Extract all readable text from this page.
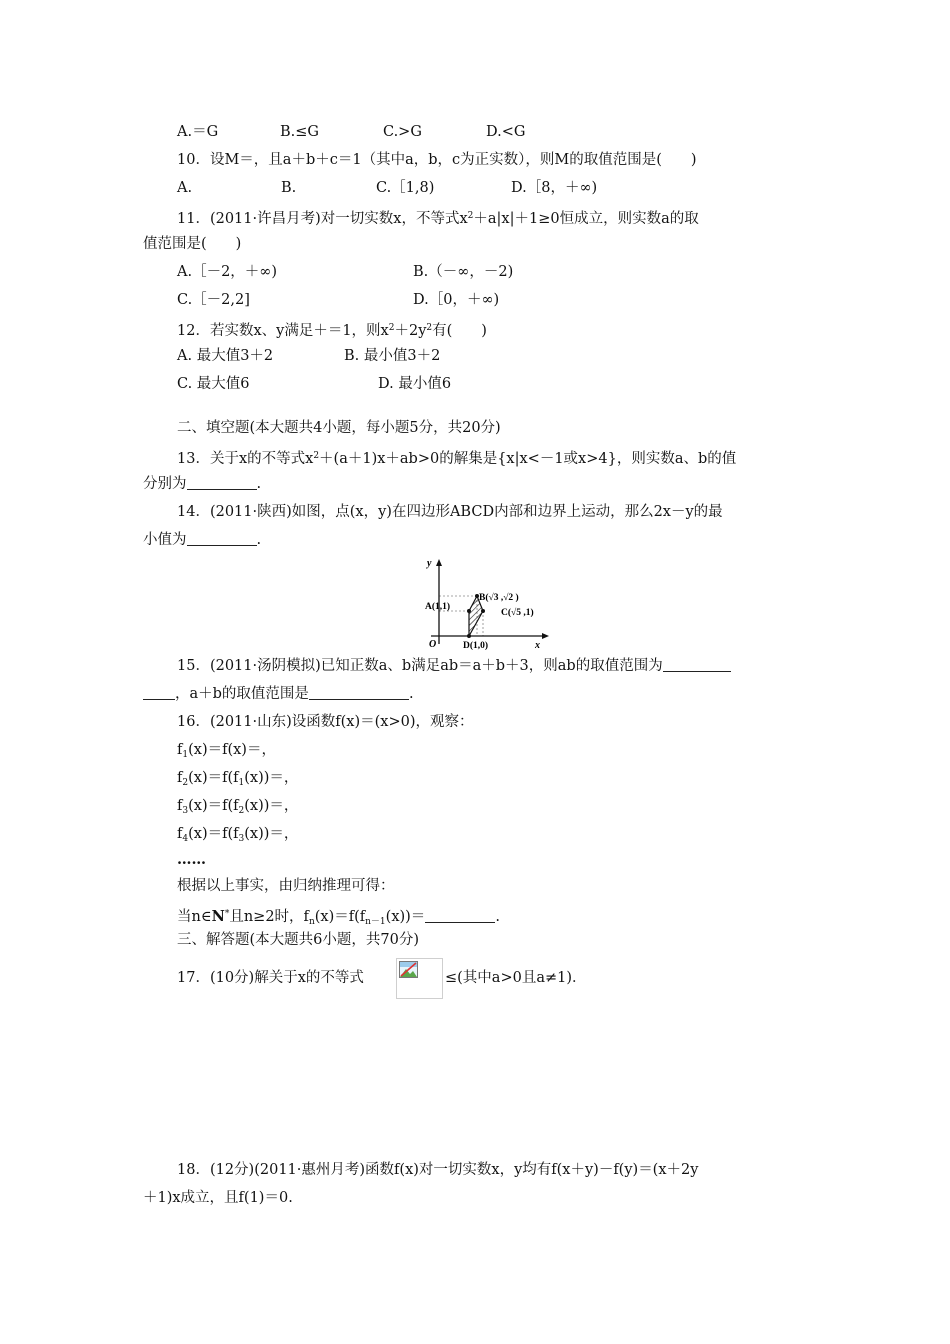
A.＝G	B.≤G	C.>G	D.<G
10．设M＝，且a＋b＋c＝1（其中a，b，c为正实数），则M的取值范围是(　　)
A.	B.	C.［1,8)	D.［8，＋∞)
11．(2011·许昌月考)对一切实数x，不等式$x^2+a|x|+1\ge 0$恒成立，则实数a的取
值范围是(　　)
A.［－2，＋∞)	B.（－∞，－2)
C.［－2,2]	D.［0，＋∞)
12．若实数x、y满足＋＝1，则$x^2+2y^2$有(　　)
A. 最大值3＋2	B. 最小值3＋2
C. 最大值6	D. 最小值6
二、填空题(本大题共4小题，每小题5分，共20分)
13．关于x的不等式$x^2+(a+1)x+ab>0$的解集是{x|x<－1或x>4}，则实数a、b的值
分别为	.
14．(2011·陕西)如图，点(x，y)在四边形ABCD内部和边界上运动，那么2x－y的最
小值为	.
y
x
O
A(1,1)
B(√3 ,√2 )
C(√5 ,1)
D(1,0)
15．(2011·汤阴模拟)已知正数a、b满足ab＝a＋b＋3，则ab的取值范围为
，a＋b的取值范围是	.
16．(2011·山东)设函数f(x)＝(x>0)，观察：
$f_1(x)=f(x)=$，
$f_2(x)=f(f_1(x))=$，
$f_3(x)=f(f_2(x))=$，
$f_4(x)=f(f_3(x))=$，
……
根据以上事实，由归纳推理可得：
当n∈N*且n≥2时，$f_n(x)=f(f_{n-1}(x))=$	.
三、解答题(本大题共6小题，共70分)
17．(10分)解关于x的不等式	≤(其中a>0且a≠1)．
18．(12分)(2011·惠州月考)函数f(x)对一切实数x，y均有f(x＋y)－f(y)＝(x＋2y
＋1)x成立，且f(1)＝0.
